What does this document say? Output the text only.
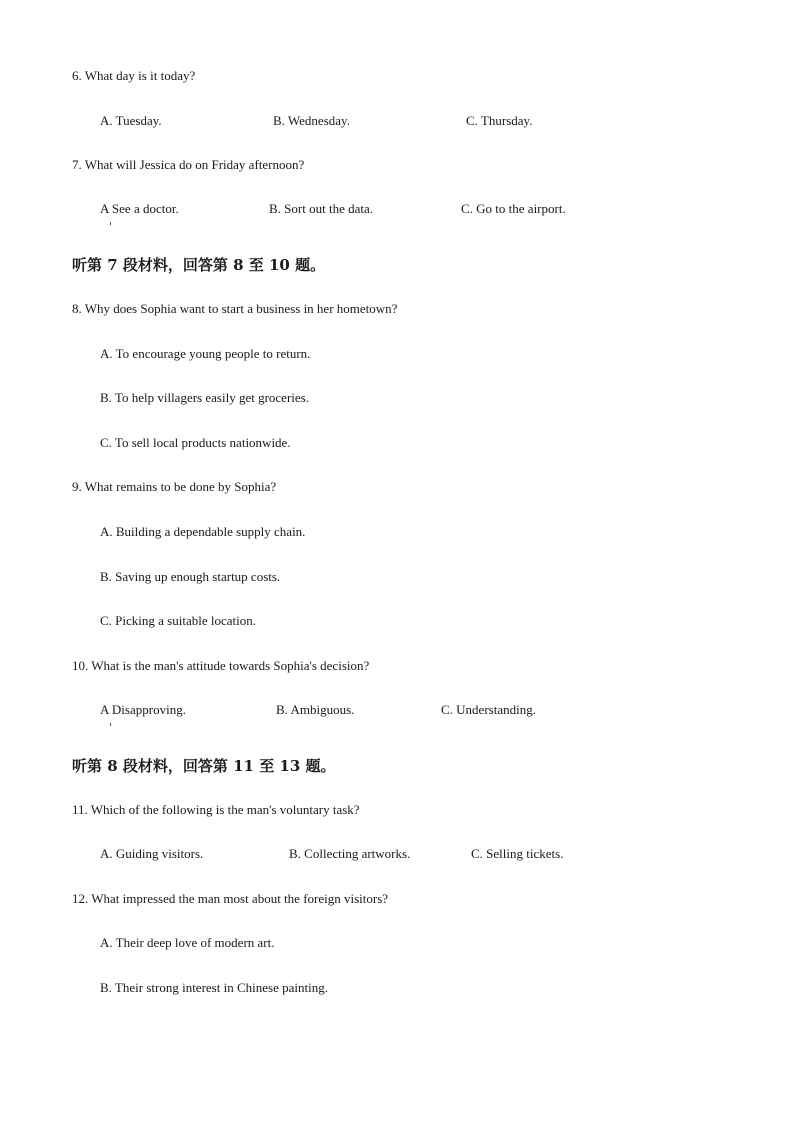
6. What day is it today?
A. Tuesday.	B. Wednesday.	C. Thursday.
7. What will Jessica do on Friday afternoon?
A See a doctor.	B. Sort out the data.	C. Go to the airport.
听第 7 段材料，回答第 8 至 10 题。
8. Why does Sophia want to start a business in her hometown?
A. To encourage young people to return.
B. To help villagers easily get groceries.
C. To sell local products nationwide.
9. What remains to be done by Sophia?
A. Building a dependable supply chain.
B. Saving up enough startup costs.
C. Picking a suitable location.
10. What is the man's attitude towards Sophia's decision?
A Disapproving.	B. Ambiguous.	C. Understanding.
听第 8 段材料，回答第 11 至 13 题。
11. Which of the following is the man's voluntary task?
A. Guiding visitors.	B. Collecting artworks.	C. Selling tickets.
12. What impressed the man most about the foreign visitors?
A. Their deep love of modern art.
B. Their strong interest in Chinese painting.
